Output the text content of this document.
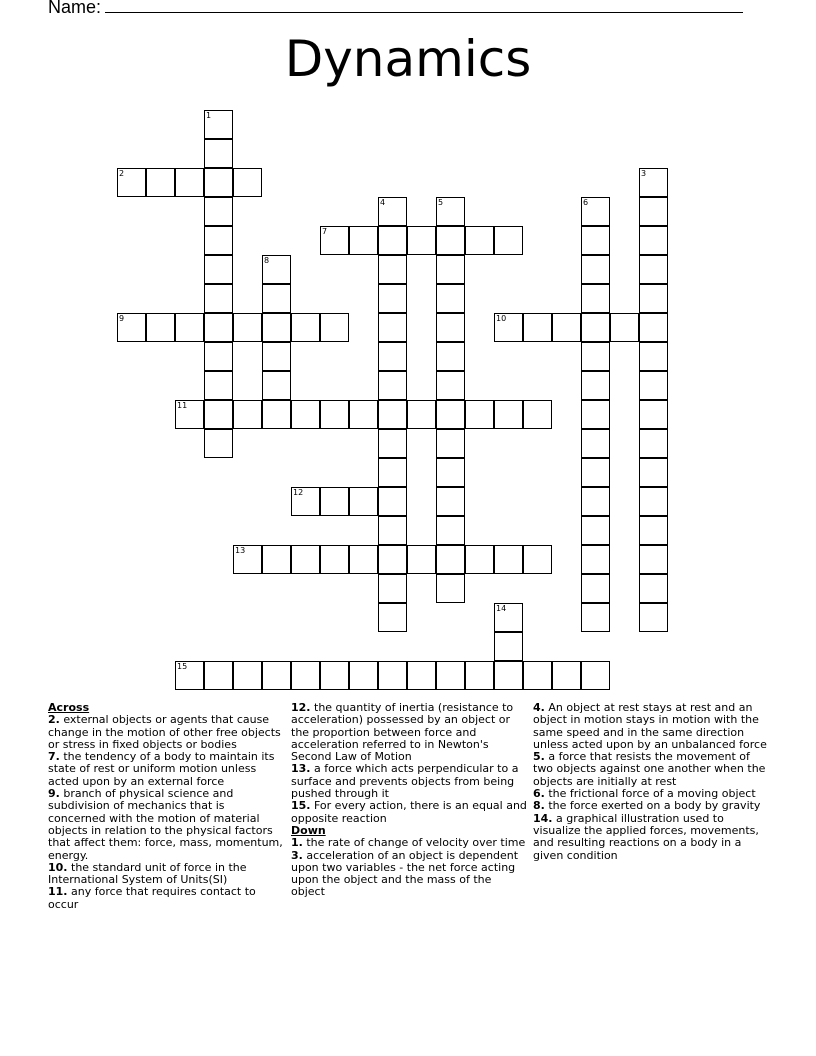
Name:
Dynamics
1
2	3
4	5	6
7
8
9	10
11
12
13
14
15
Across
2. external objects or agents that cause change in the motion of other free objects or stress in fixed objects or bodies
7. the tendency of a body to maintain its state of rest or uniform motion unless acted upon by an external force
9. branch of physical science and subdivision of mechanics that is concerned with the motion of material objects in relation to the physical factors that affect them: force, mass, momentum, energy.
10. the standard unit of force in the International System of Units(SI)
11. any force that requires contact to occur
12. the quantity of inertia (resistance to acceleration) possessed by an object or the proportion between force and acceleration referred to in Newton's Second Law of Motion
13. a force which acts perpendicular to a surface and prevents objects from being pushed through it
15. For every action, there is an equal and opposite reaction
Down
1. the rate of change of velocity over time
3. acceleration of an object is dependent upon two variables - the net force acting upon the object and the mass of the object
4. An object at rest stays at rest and an object in motion stays in motion with the same speed and in the same direction unless acted upon by an unbalanced force
5. a force that resists the movement of two objects against one another when the objects are initially at rest
6. the frictional force of a moving object
8. the force exerted on a body by gravity
14. a graphical illustration used to visualize the applied forces, movements, and resulting reactions on a body in a given condition
